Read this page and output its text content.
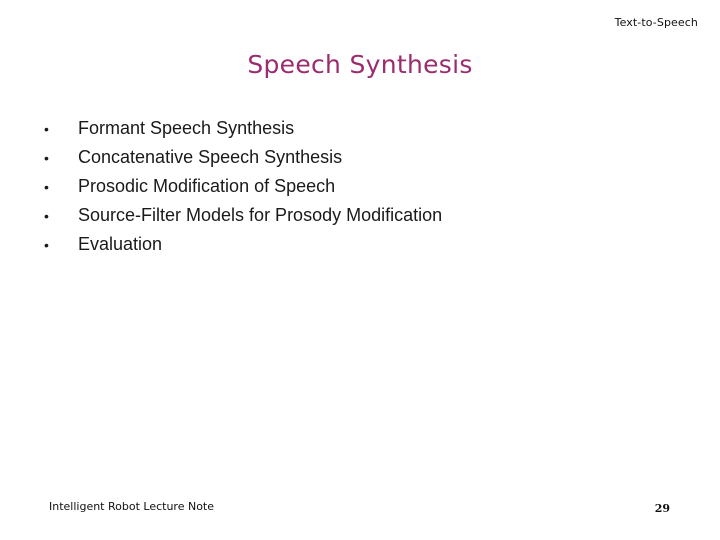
Text-to-Speech
Speech Synthesis
•	Formant Speech Synthesis
•	Concatenative Speech Synthesis
•	Prosodic Modification of Speech
•	Source-Filter Models for Prosody Modification
•	Evaluation
Intelligent Robot Lecture Note	29
